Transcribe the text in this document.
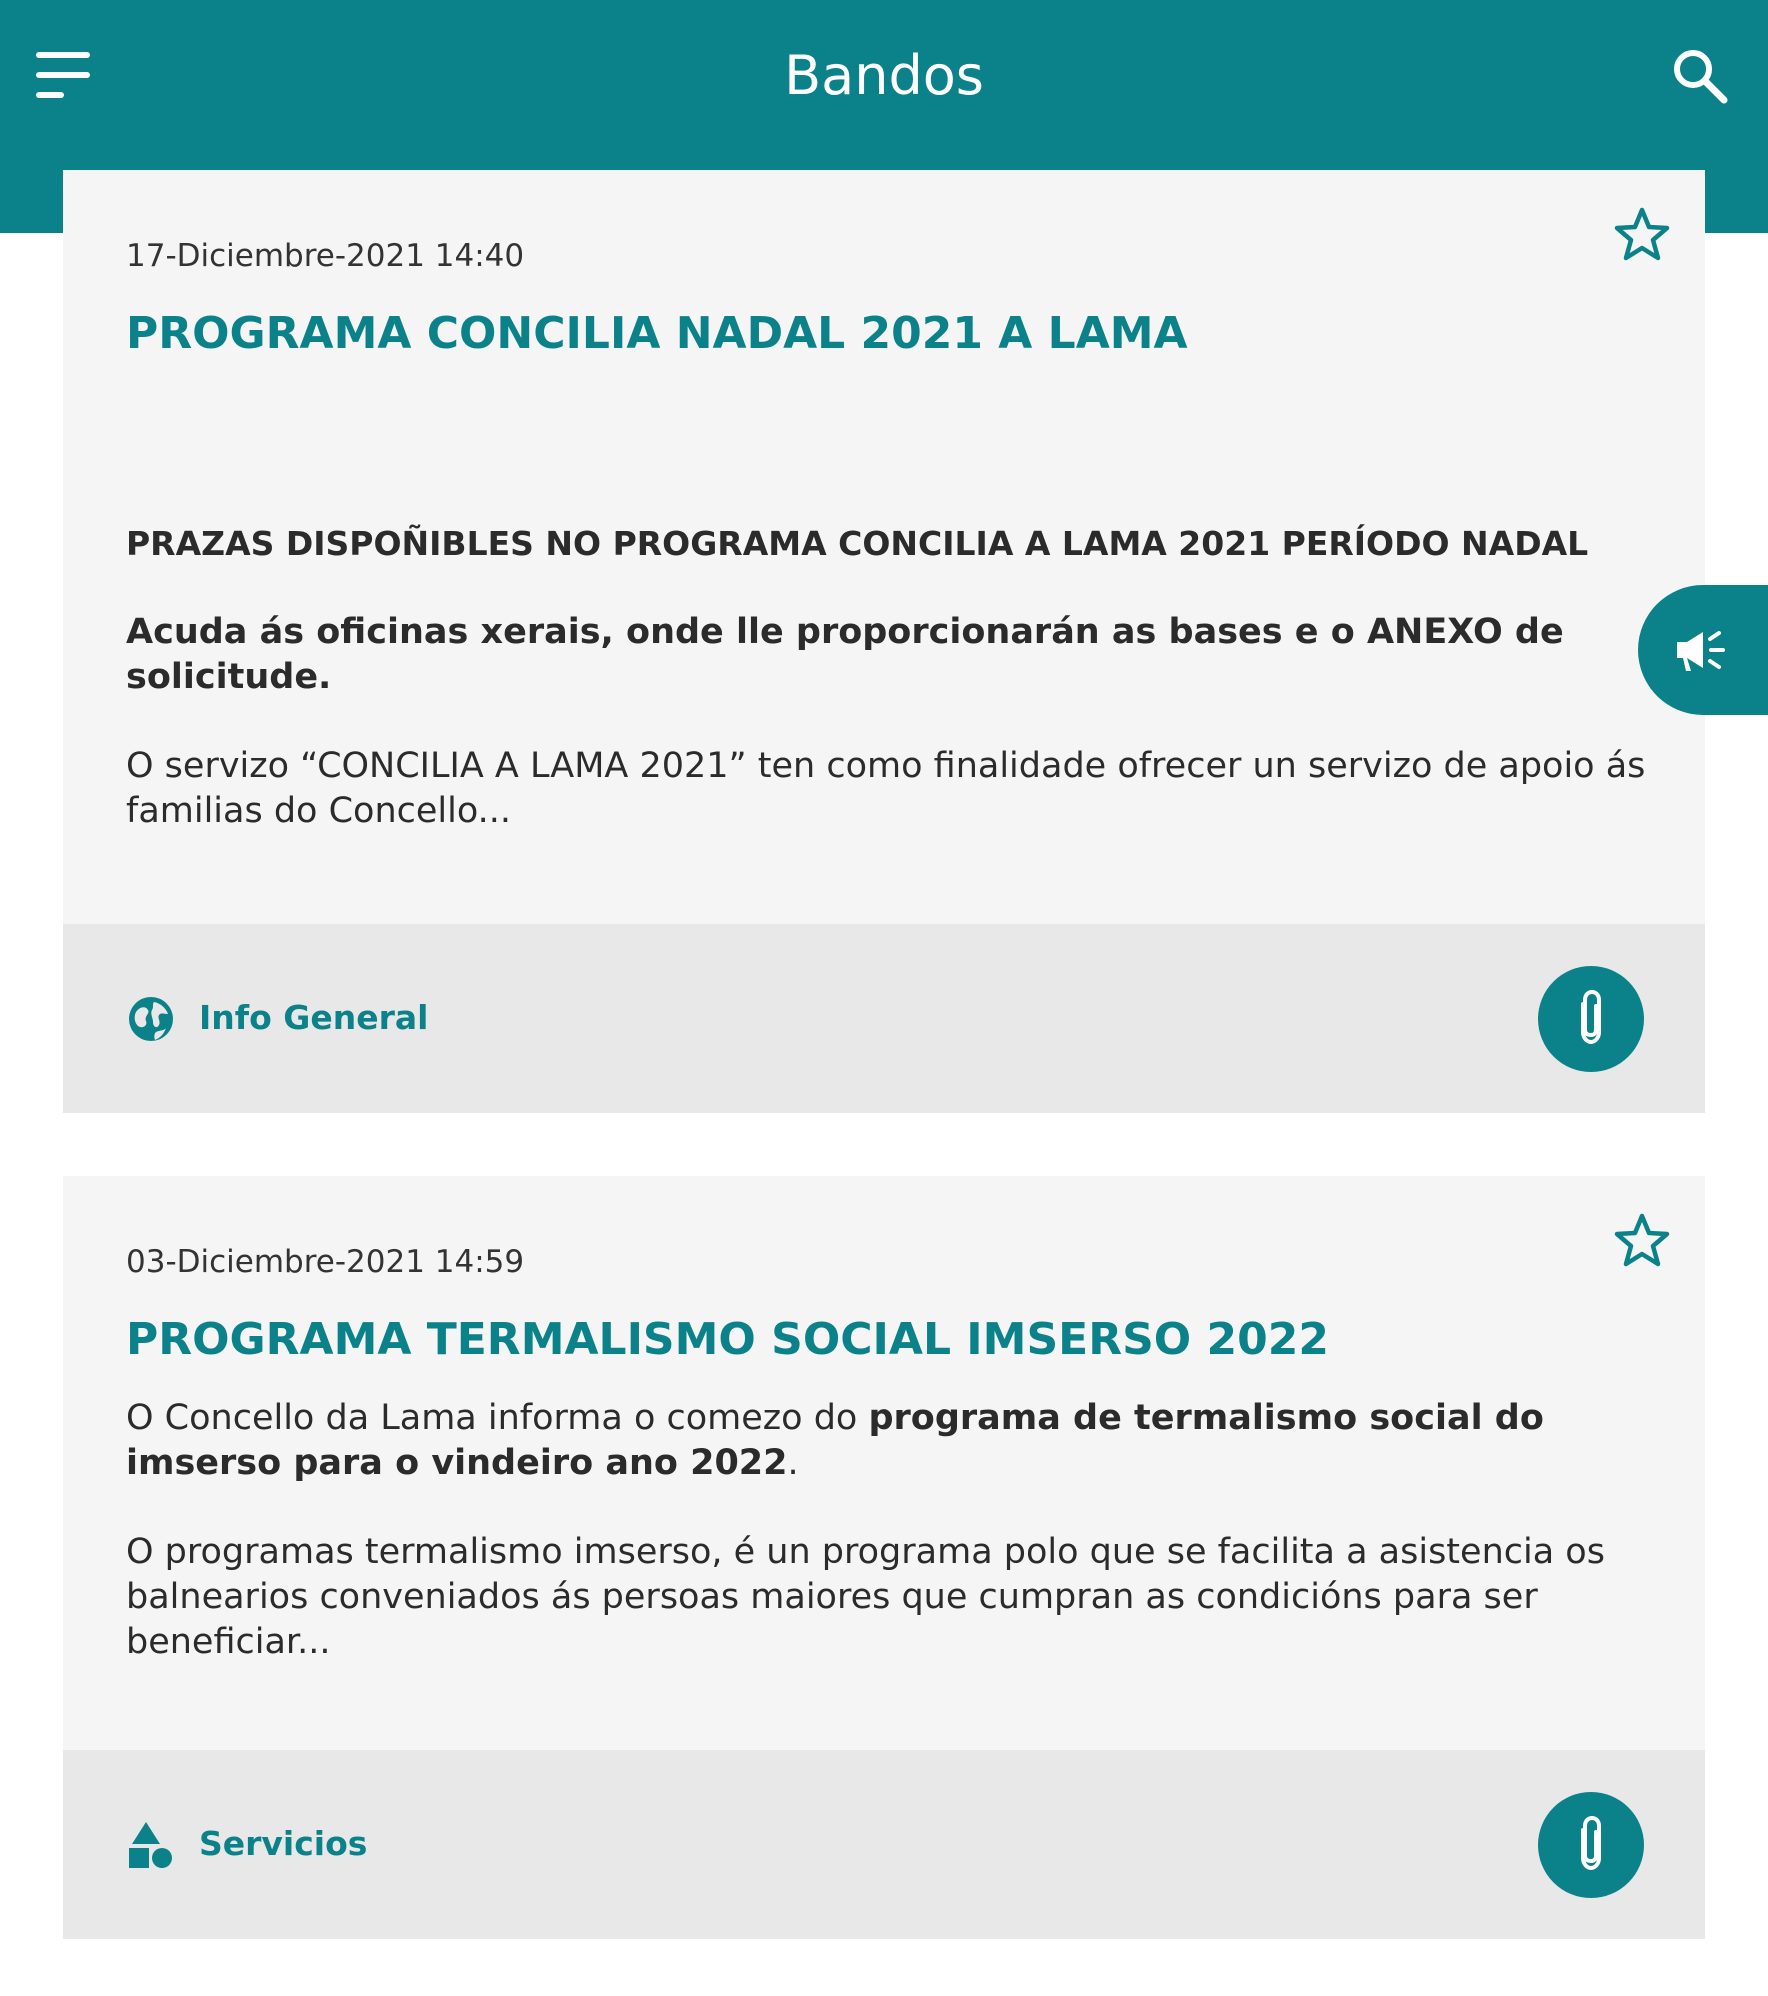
Bandos
17-Diciembre-2021 14:40
PROGRAMA CONCILIA NADAL 2021 A LAMA

PRAZAS DISPOÑIBLES NO PROGRAMA CONCILIA A LAMA 2021 PERÍODO NADAL

Acuda ás oficinas xerais, onde lle proporcionarán as bases e o ANEXO de solicitude.

O servizo “CONCILIA A LAMA 2021” ten como finalidade ofrecer un servizo de apoio ás familias do Concello...

Info General
03-Diciembre-2021 14:59
PROGRAMA TERMALISMO SOCIAL IMSERSO 2022

O Concello da Lama informa o comezo do programa de termalismo social do imserso para o vindeiro ano 2022.

O programas termalismo imserso, é un programa polo que se facilita a asistencia os balnearios conveniados ás persoas maiores que cumpran as condicións para ser beneficiar...

Servicios
